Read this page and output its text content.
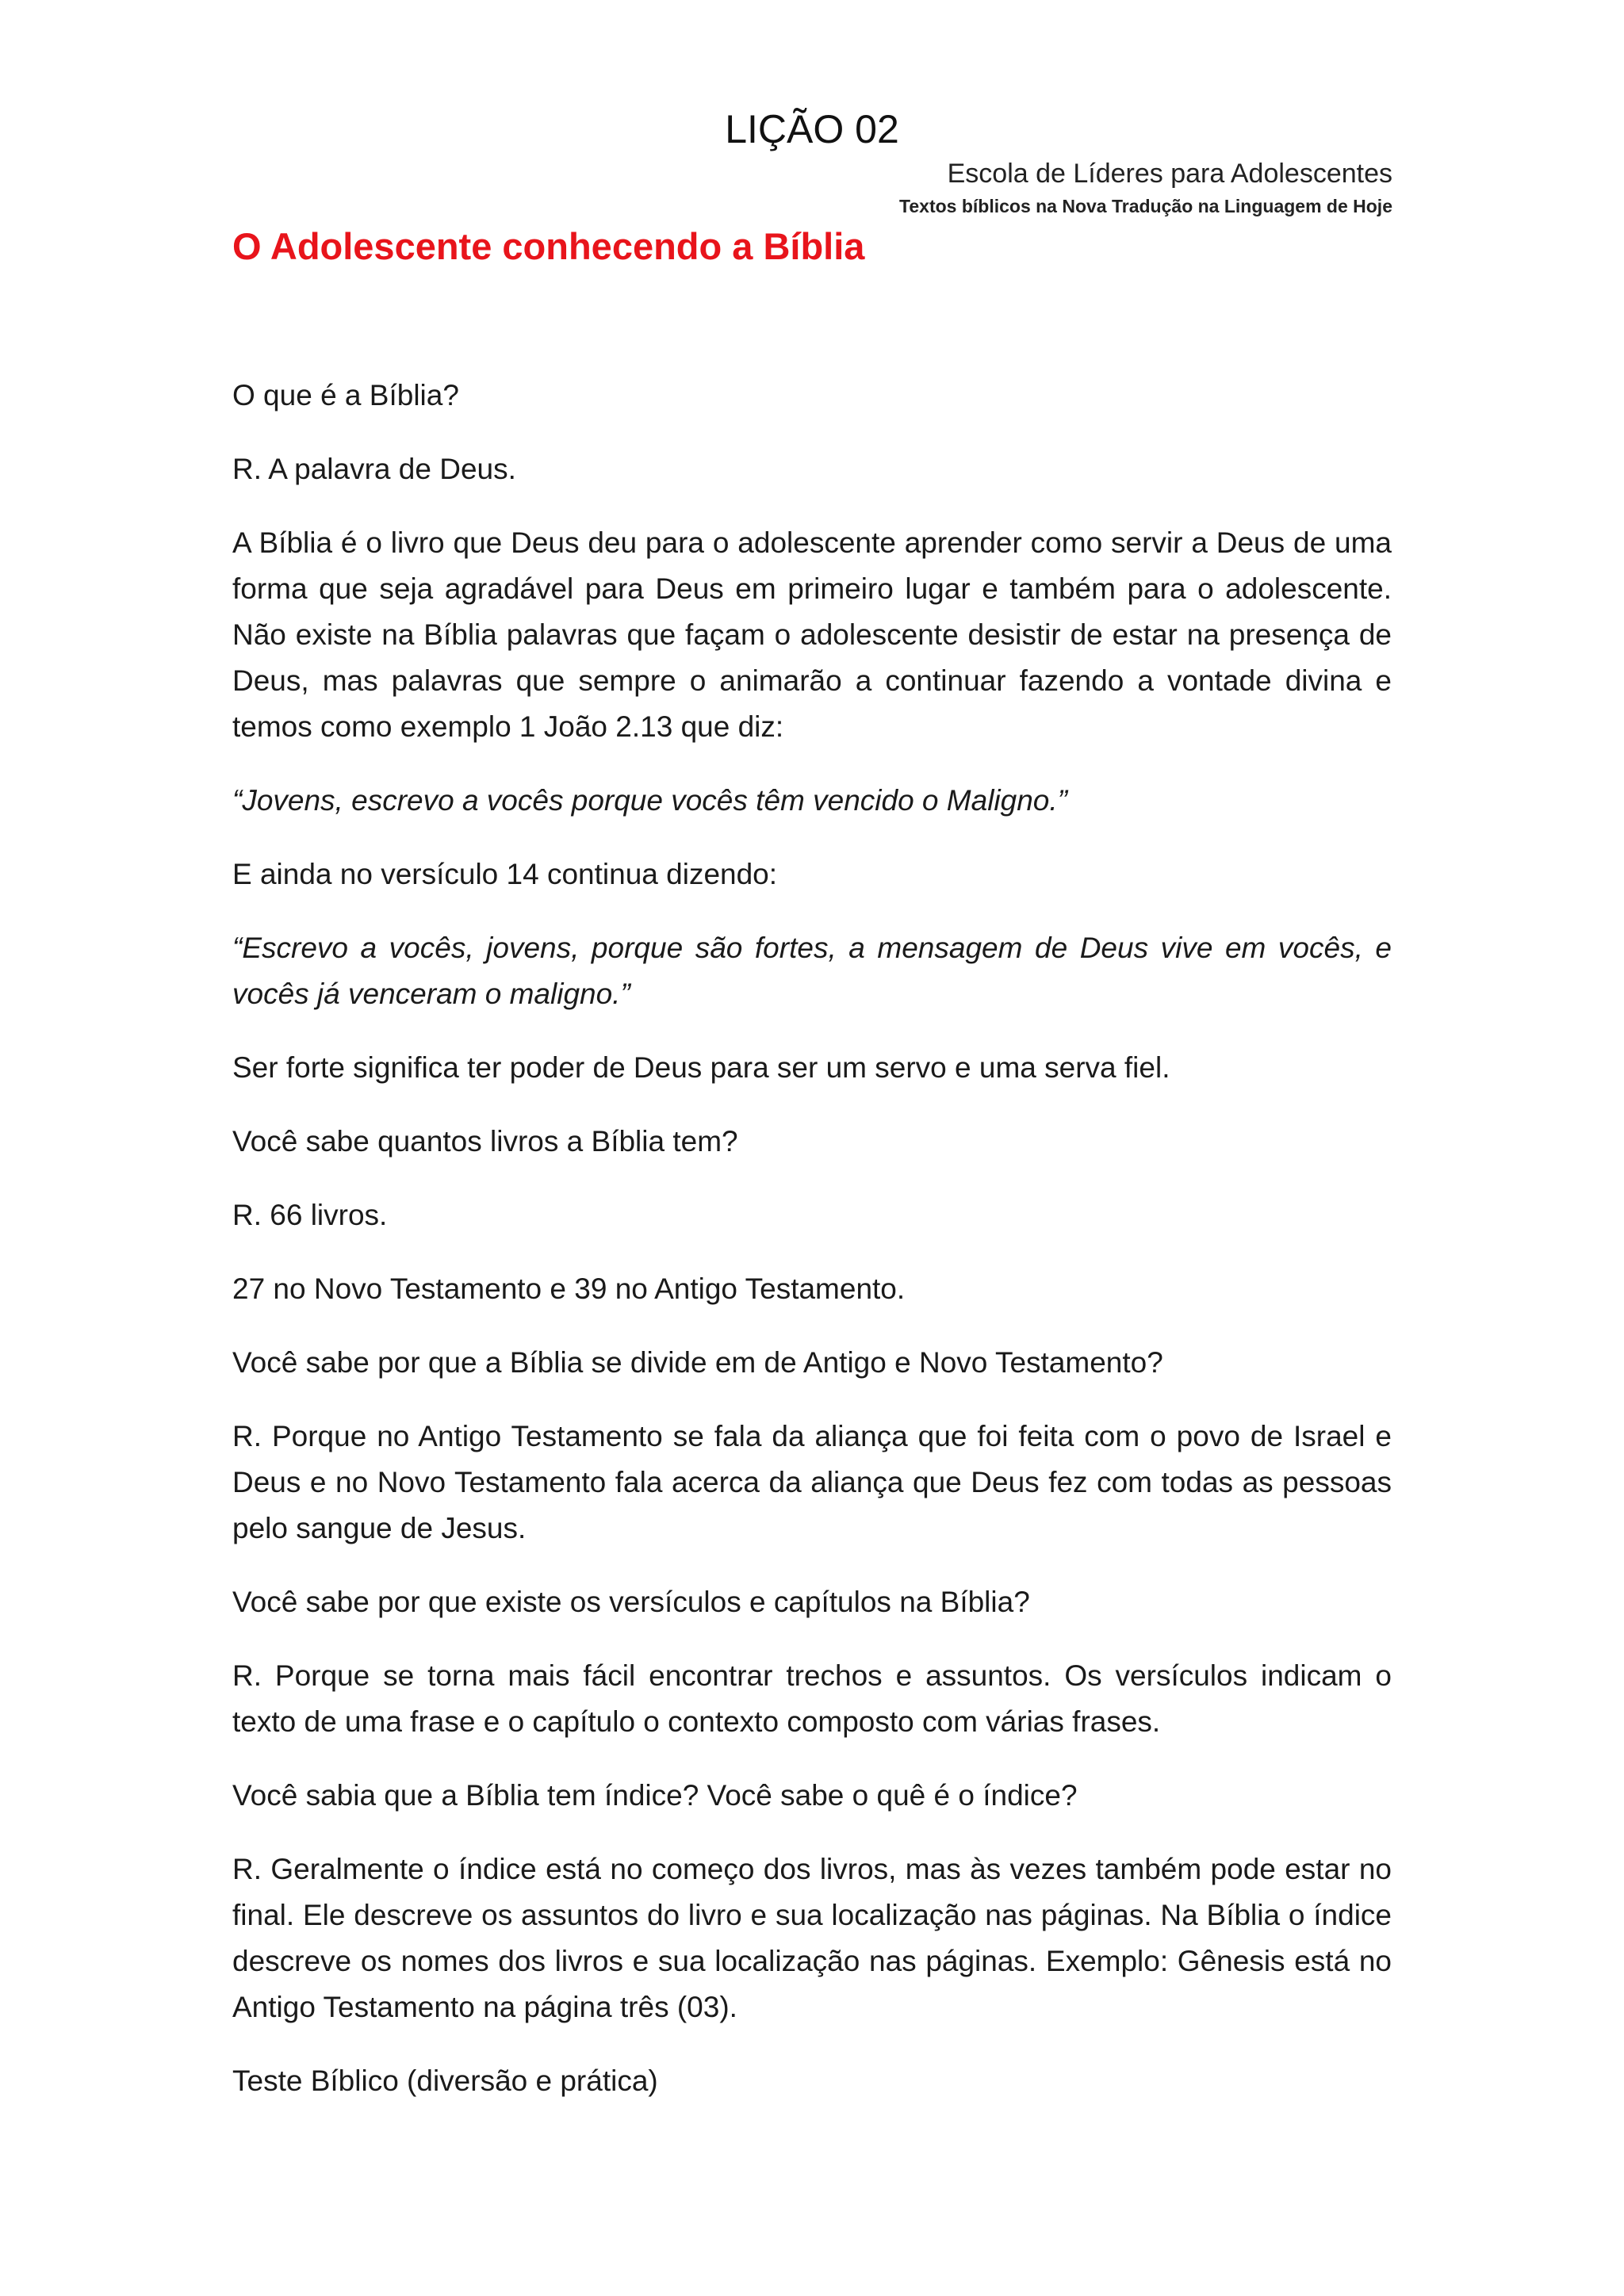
LIÇÃO 02
Escola de Líderes para Adolescentes
Textos bíblicos na Nova Tradução na Linguagem de Hoje
O Adolescente conhecendo a Bíblia

O que é a Bíblia?

R. A palavra de Deus.

A Bíblia é o livro que Deus deu para o adolescente aprender como servir a Deus de uma forma que seja agradável para Deus em primeiro lugar e também para o adolescente. Não existe na Bíblia palavras que façam o adolescente desistir de estar na presença de Deus, mas palavras que sempre o animarão a continuar fazendo a vontade divina e temos como exemplo 1 João 2.13 que diz:

“Jovens, escrevo a vocês porque vocês têm vencido o Maligno.”

E ainda no versículo 14 continua dizendo:

“Escrevo a vocês, jovens, porque são fortes, a mensagem de Deus vive em vocês, e vocês já venceram o maligno.”

Ser forte significa ter poder de Deus para ser um servo e uma serva fiel.

Você sabe quantos livros a Bíblia tem?

R. 66 livros.

27 no Novo Testamento e 39 no Antigo Testamento.

Você sabe por que a Bíblia se divide em de Antigo e Novo Testamento?

R. Porque no Antigo Testamento se fala da aliança que foi feita com o povo de Israel e Deus e no Novo Testamento fala acerca da aliança que Deus fez com todas as pessoas pelo sangue de Jesus.

Você sabe por que existe os versículos e capítulos na Bíblia?

R. Porque se torna mais fácil encontrar trechos e assuntos. Os versículos indicam o texto de uma frase e o capítulo o contexto composto com várias frases.

Você sabia que a Bíblia tem índice? Você sabe o quê é o índice?

R. Geralmente o índice está no começo dos livros, mas às vezes também pode estar no final. Ele descreve os assuntos do livro e sua localização nas páginas. Na Bíblia o índice descreve os nomes dos livros e sua localização nas páginas. Exemplo: Gênesis está no Antigo Testamento na página três (03).

Teste Bíblico (diversão e prática)
